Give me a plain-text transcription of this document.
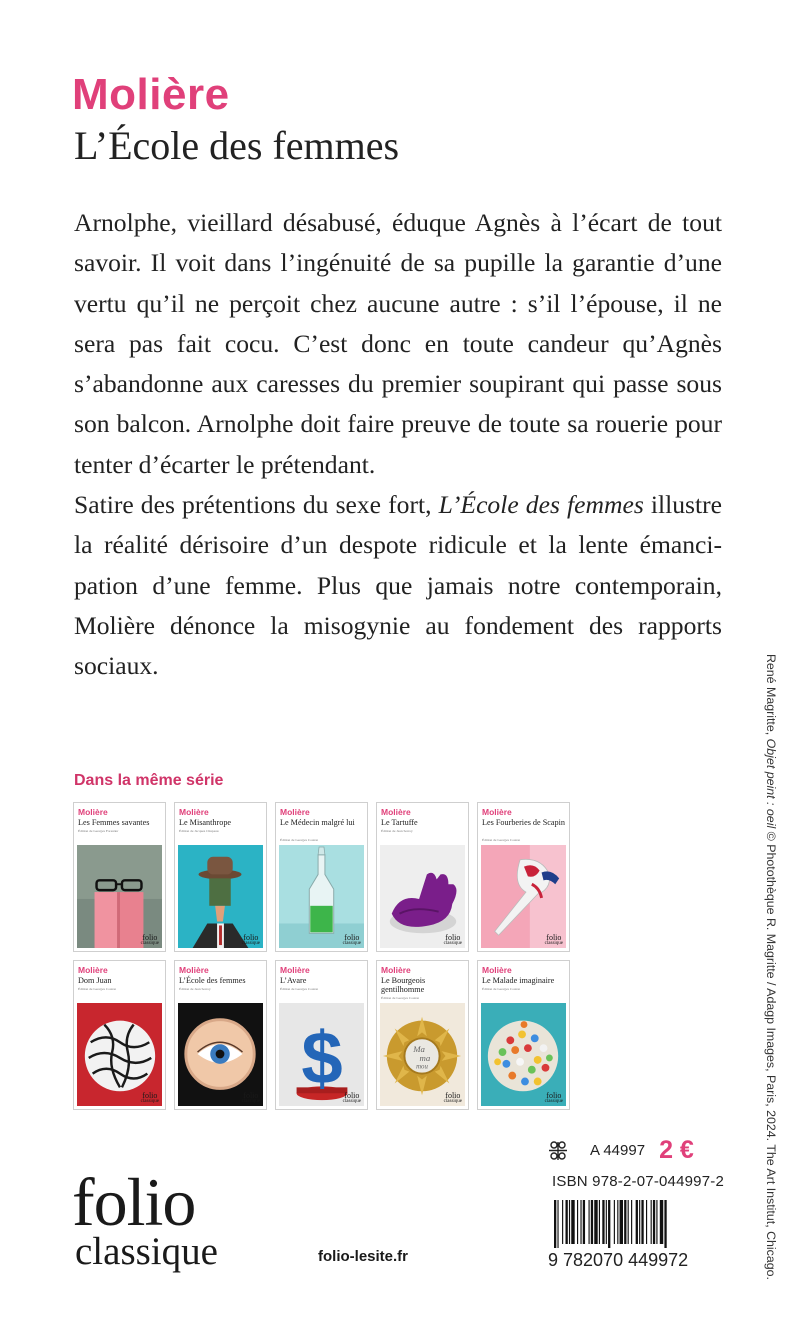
Molière
L’École des femmes

Arnolphe, vieillard désabusé, éduque Agnès à l’écart de tout savoir. Il voit dans l’ingénuité de sa pupille la garantie d’une vertu qu’il ne perçoit chez aucune autre : s’il l’épouse, il ne sera pas fait cocu. C’est donc en toute candeur qu’Agnès s’abandonne aux caresses du premier soupirant qui passe sous son balcon. Arnolphe doit faire preuve de toute sa rouerie pour tenter d’écarter le prétendant.

Satire des prétentions du sexe fort, L’École des femmes illustre la réalité dérisoire d’un despote ridicule et la lente émanci-pation d’une femme. Plus que jamais notre contemporain, Molière dénonce la misogynie au fondement des rapports sociaux.	René Magritte, Objet peint : oeil © Photothèque R. Magritte / Adagp Images, Paris, 2024. The Art Institut, Chicago.
Dans la même série
Molière
Les Femmes savantes
Édition de Georges Forestier
folio
classique
Molière
Le Misanthrope
Édition de Jacques Chupeau
folio
classique
Molière
Le Médecin malgré lui
Édition de Georges Couton
folio
classique
Molière
Le Tartuffe
Édition de Jean Serroy
folio
classique
Molière
Les Fourberies de Scapin
Édition de Georges Couton
folio
classique
Molière
Dom Juan
Édition de Georges Couton
folio
classique
Molière
L’École des femmes
Édition de Jean Serroy
folio
classique
Molière
L’Avare
Édition de Georges Couton
$ folio
classique
Molière
Le Bourgeois gentilhomme
Édition de Georges Couton
Ma
ma
mou
folio
classique
Molière
Le Malade imaginaire
Édition de Georges Couton
folio
classique
folio
classique	folio-lesite.fr
A 44997 2 €
ISBN 978-2-07-044997-2
9 782070 449972
